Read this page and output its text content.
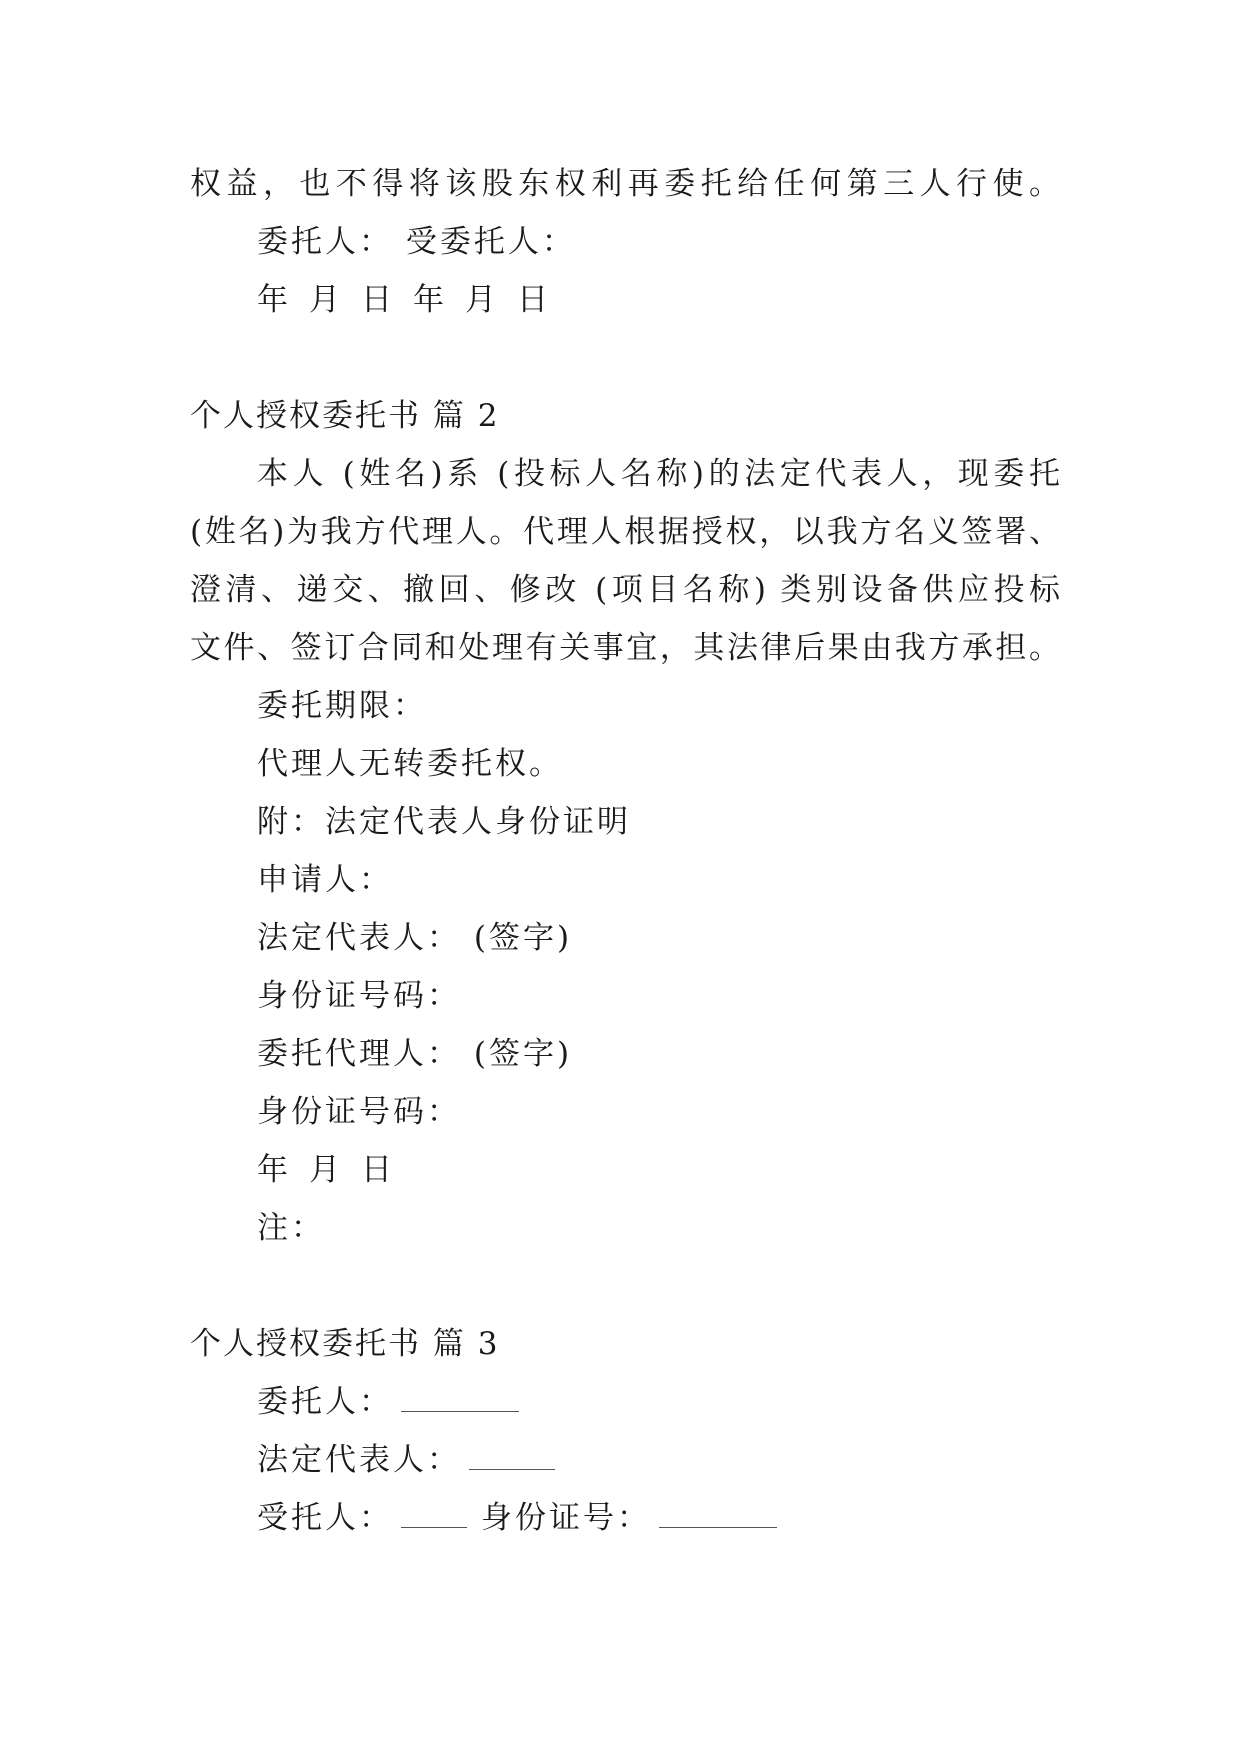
权益，也不得将该股东权利再委托给任何第三人行使。
委托人： 受委托人：
年 月 日 年 月 日
个人授权委托书 篇 2
本人 (姓名)系 (投标人名称)的法定代表人，现委托
(姓名)为我方代理人。代理人根据授权，以我方名义签署、
澄清、递交、撤回、修改 (项目名称) 类别设备供应投标
文件、签订合同和处理有关事宜，其法律后果由我方承担。
委托期限：
代理人无转委托权。
附：法定代表人身份证明
申请人：
法定代表人： (签字)
身份证号码：
委托代理人： (签字)
身份证号码：
年 月 日
注：
个人授权委托书 篇 3
委托人：
法定代表人：
受托人：	身份证号：
